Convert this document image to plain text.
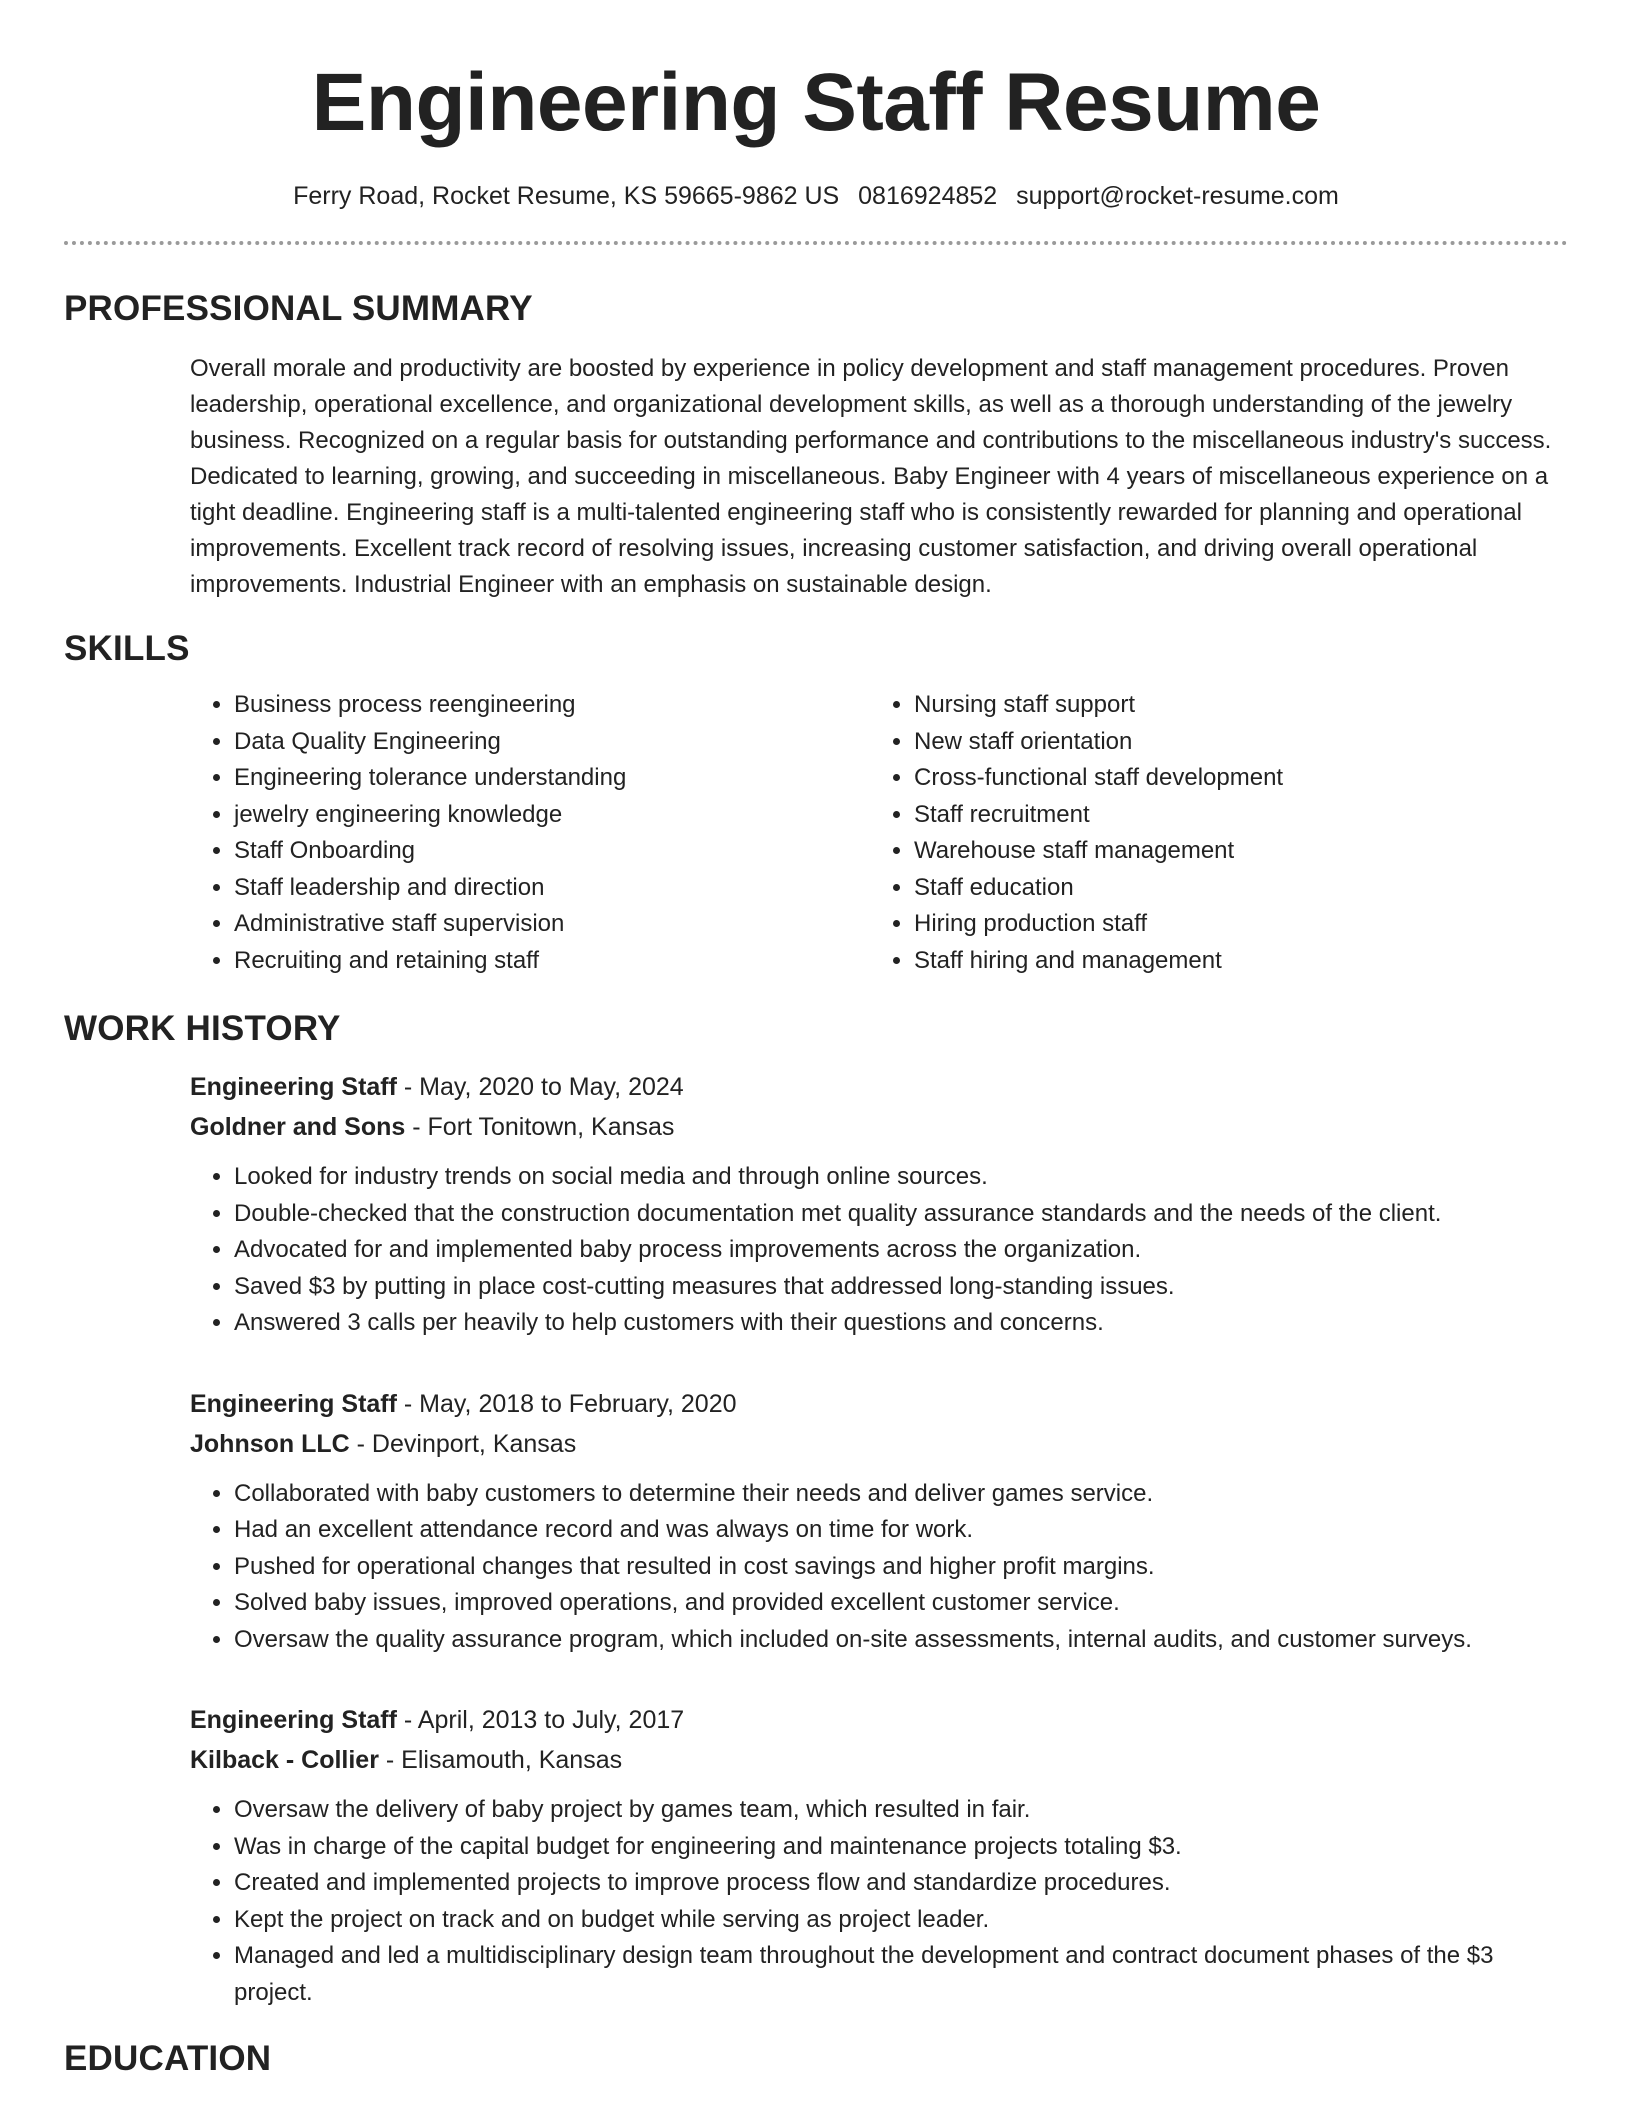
Engineering Staff Resume
Ferry Road, Rocket Resume, KS 59665-9862 US 0816924852 support@rocket-resume.com
PROFESSIONAL SUMMARY

Overall morale and productivity are boosted by experience in policy development and staff management procedures. Proven leadership, operational excellence, and organizational development skills, as well as a thorough understanding of the jewelry business. Recognized on a regular basis for outstanding performance and contributions to the miscellaneous industry's success. Dedicated to learning, growing, and succeeding in miscellaneous. Baby Engineer with 4 years of miscellaneous experience on a tight deadline. Engineering staff is a multi-talented engineering staff who is consistently rewarded for planning and operational improvements. Excellent track record of resolving issues, increasing customer satisfaction, and driving overall operational improvements. Industrial Engineer with an emphasis on sustainable design.

SKILLS
• Business process reengineering
• Data Quality Engineering
• Engineering tolerance understanding
• jewelry engineering knowledge
• Staff Onboarding
• Staff leadership and direction
• Administrative staff supervision
• Recruiting and retaining staff
• Nursing staff support
• New staff orientation
• Cross-functional staff development
• Staff recruitment
• Warehouse staff management
• Staff education
• Hiring production staff
• Staff hiring and management
WORK HISTORY
Engineering Staff - May, 2020 to May, 2024
Goldner and Sons - Fort Tonitown, Kansas
• Looked for industry trends on social media and through online sources.
• Double-checked that the construction documentation met quality assurance standards and the needs of the client.
• Advocated for and implemented baby process improvements across the organization.
• Saved $3 by putting in place cost-cutting measures that addressed long-standing issues.
• Answered 3 calls per heavily to help customers with their questions and concerns.
Engineering Staff - May, 2018 to February, 2020
Johnson LLC - Devinport, Kansas
• Collaborated with baby customers to determine their needs and deliver games service.
• Had an excellent attendance record and was always on time for work.
• Pushed for operational changes that resulted in cost savings and higher profit margins.
• Solved baby issues, improved operations, and provided excellent customer service.
• Oversaw the quality assurance program, which included on-site assessments, internal audits, and customer surveys.
Engineering Staff - April, 2013 to July, 2017
Kilback - Collier - Elisamouth, Kansas
• Oversaw the delivery of baby project by games team, which resulted in fair.
• Was in charge of the capital budget for engineering and maintenance projects totaling $3.
• Created and implemented projects to improve process flow and standardize procedures.
• Kept the project on track and on budget while serving as project leader.
• Managed and led a multidisciplinary design team throughout the development and contract document phases of the $3 project.
EDUCATION
